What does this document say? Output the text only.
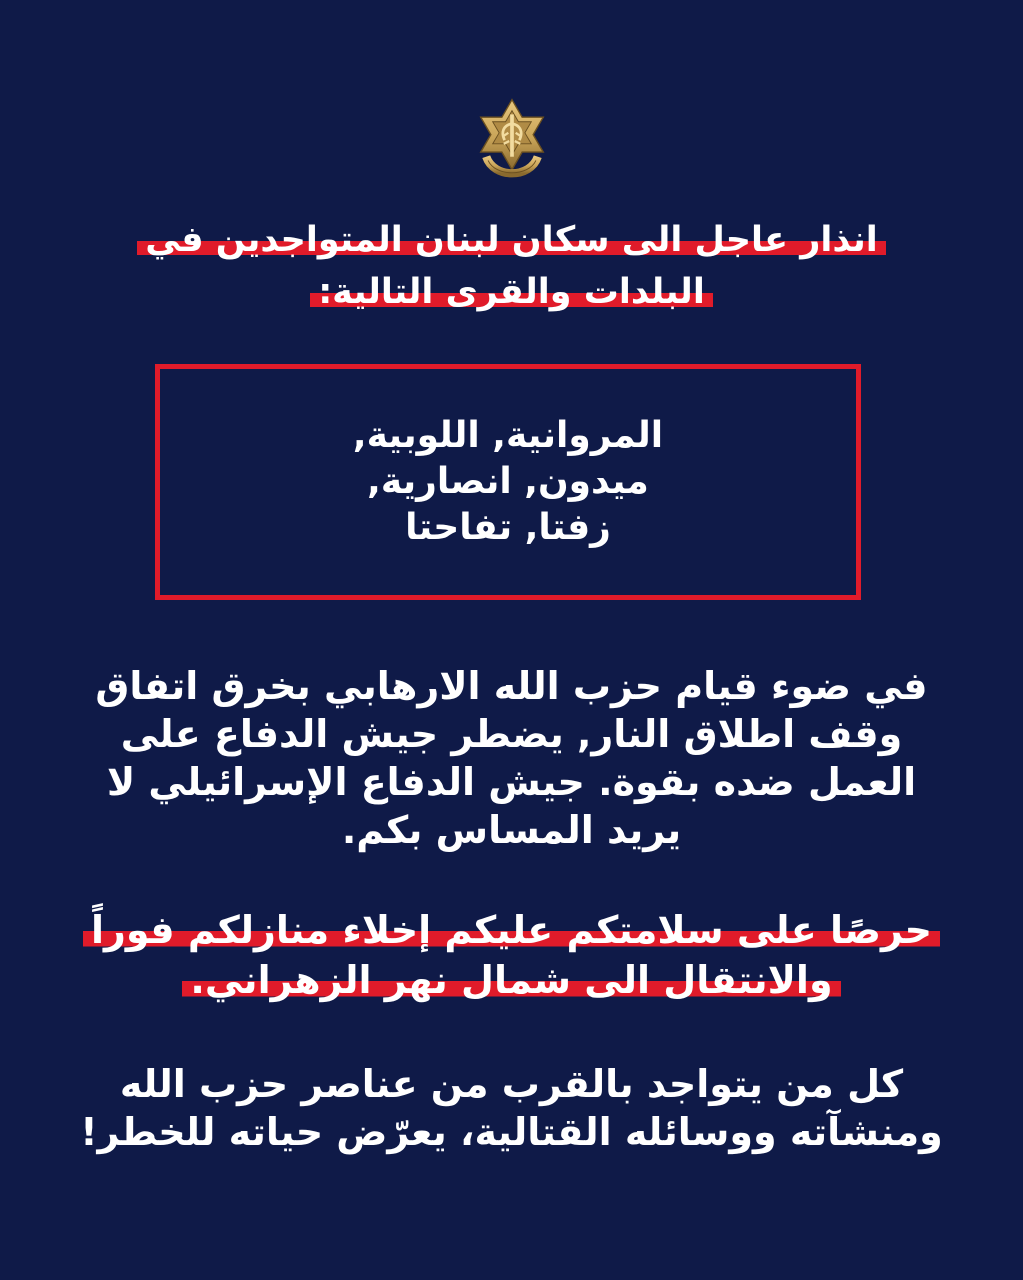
انذار عاجل الى سكان لبنان المتواجدين في
البلدات والقرى التالية:
المروانية, اللوبية,
ميدون, انصارية,
زفتا, تفاحتا
في ضوء قيام حزب الله الارهابي بخرق اتفاق
وقف اطلاق النار, يضطر جيش الدفاع على
العمل ضده بقوة. جيش الدفاع الإسرائيلي لا
يريد المساس بكم.
حرصًا على سلامتكم عليكم إخلاء منازلكم فوراً
والانتقال الى شمال نهر الزهراني.
كل من يتواجد بالقرب من عناصر حزب الله
ومنشآته ووسائله القتالية، يعرّض حياته للخطر!
